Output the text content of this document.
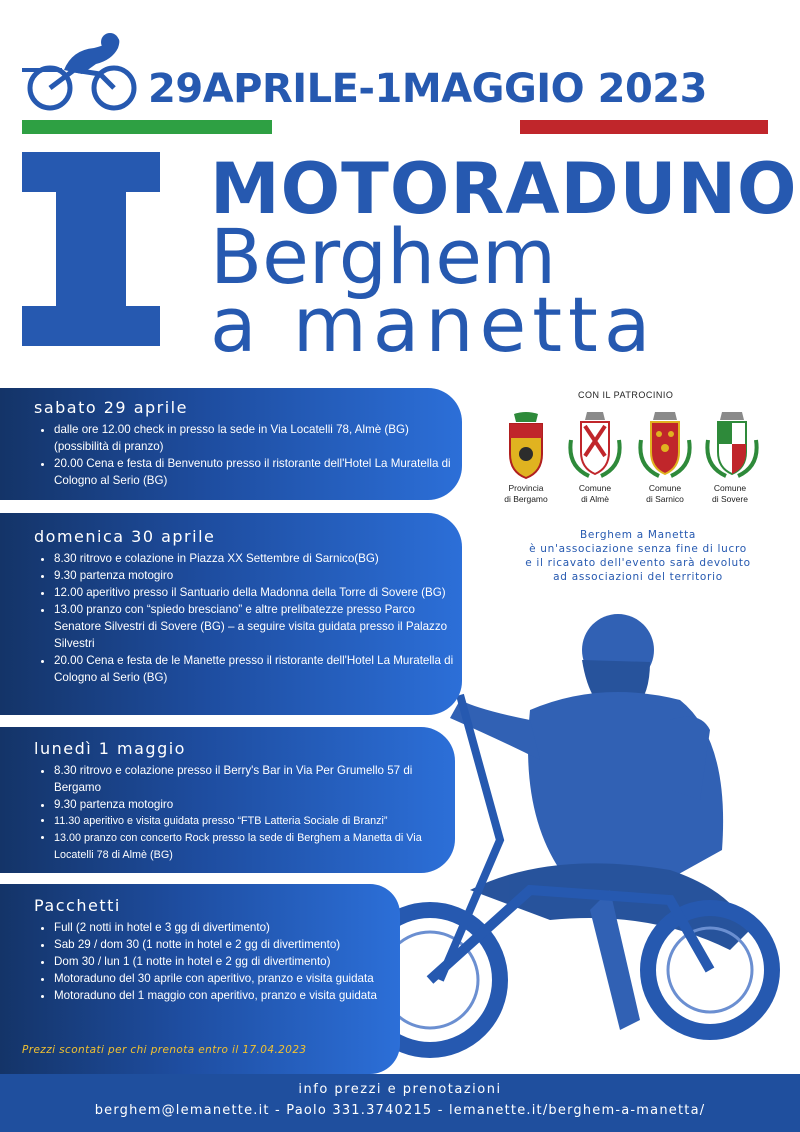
29APRILE-1MAGGIO 2023
MOTORADUNO
Berghem
a manetta
sabato 29 aprile
• dalle ore 12.00 check in presso la sede in Via Locatelli 78, Almè (BG) (possibilità di pranzo)
• 20.00 Cena e festa di Benvenuto presso il ristorante dell'Hotel La Muratella di Cologno al Serio (BG)
domenica 30 aprile
• 8.30 ritrovo e colazione in Piazza XX Settembre di Sarnico(BG)
• 9.30 partenza motogiro
• 12.00 aperitivo presso il Santuario della Madonna della Torre di Sovere (BG)
• 13.00 pranzo con “spiedo bresciano” e altre prelibatezze presso Parco Senatore Silvestri di Sovere (BG) – a seguire visita guidata presso il Palazzo Silvestri
• 20.00 Cena e festa de le Manette presso il ristorante dell'Hotel La Muratella di Cologno al Serio (BG)
lunedì 1 maggio
• 8.30 ritrovo e colazione presso il Berry's Bar in Via Per Grumello 57 di Bergamo
• 9.30 partenza motogiro
• 11.30 aperitivo e visita guidata presso “FTB Latteria Sociale di Branzi”
• 13.00 pranzo con concerto Rock presso la sede di Berghem a Manetta di Via Locatelli 78 di Almè (BG)
Pacchetti
• Full (2 notti in hotel e 3 gg di divertimento)
• Sab 29 / dom 30 (1 notte in hotel e 2 gg di divertimento)
• Dom 30 / lun 1 (1 notte in hotel e 2 gg di divertimento)
• Motoraduno del 30 aprile con aperitivo, pranzo e visita guidata
• Motoraduno del 1 maggio con aperitivo, pranzo e visita guidata
Prezzi scontati per chi prenota entro il 17.04.2023
CON IL PATROCINIO
Provincia
di Bergamo
Comune
di Almè
Comune
di Sarnico
Comune
di Sovere
Berghem a Manetta
è un'associazione senza fine di lucro
e il ricavato dell'evento sarà devoluto
ad associazioni del territorio
info prezzi e prenotazioni
berghem@lemanette.it - Paolo 331.3740215 - lemanette.it/berghem-a-manetta/
